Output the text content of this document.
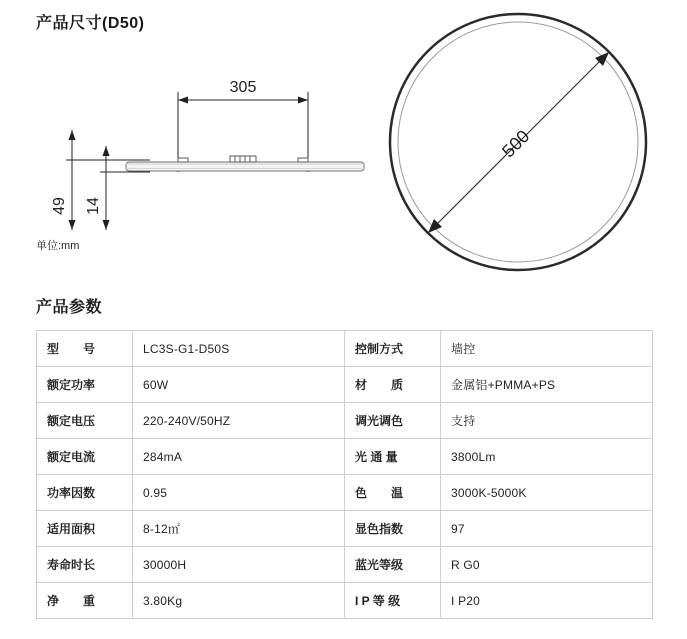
产品尺寸(D50)
305
49 14
单位:mm
500
产品参数
型　　号	LC3S-G1-D50S	控制方式	墙控
额定功率	60W	材　　质	金属铝+PMMA+PS
额定电压	220-240V/50HZ	调光调色	支持
额定电流	284mA	光 通 量	3800Lm
功率因数	0.95	色　　温	3000K-5000K
适用面积	8-12㎡	显色指数	97
寿命时长	30000H	蓝光等级	R G0
净　　重	3.80Kg	I P 等 级	I P20
